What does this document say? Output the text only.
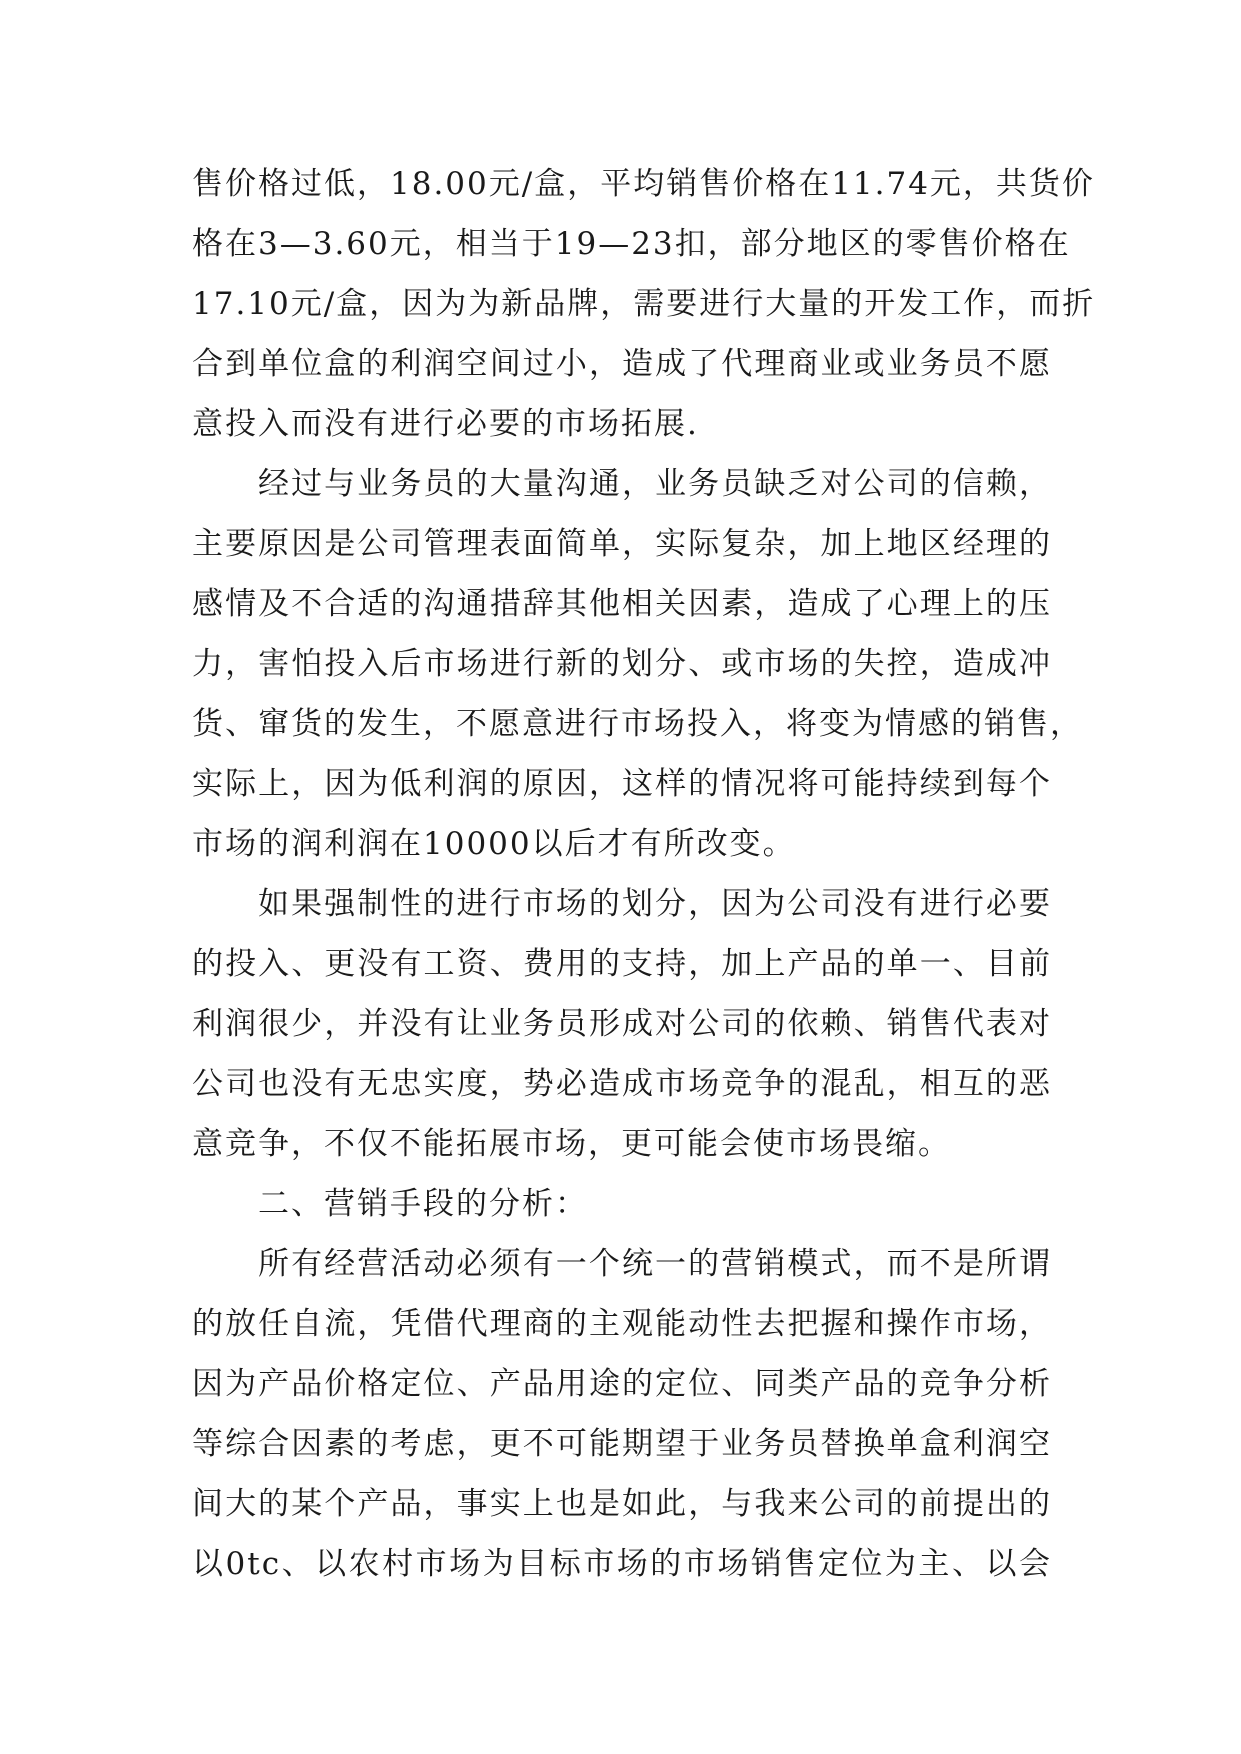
售价格过低，18.00元/盒，平均销售价格在11.74元，共货价
格在3—3.60元，相当于19—23扣，部分地区的零售价格在
17.10元/盒，因为为新品牌，需要进行大量的开发工作，而折
合到单位盒的利润空间过小，造成了代理商业或业务员不愿
意投入而没有进行必要的市场拓展.
经过与业务员的大量沟通，业务员缺乏对公司的信赖，
主要原因是公司管理表面简单，实际复杂，加上地区经理的
感情及不合适的沟通措辞其他相关因素，造成了心理上的压
力，害怕投入后市场进行新的划分、或市场的失控，造成冲
货、窜货的发生，不愿意进行市场投入，将变为情感的销售，
实际上，因为低利润的原因，这样的情况将可能持续到每个
市场的润利润在10000以后才有所改变。
如果强制性的进行市场的划分，因为公司没有进行必要
的投入、更没有工资、费用的支持，加上产品的单一、目前
利润很少，并没有让业务员形成对公司的依赖、销售代表对
公司也没有无忠实度，势必造成市场竞争的混乱，相互的恶
意竞争，不仅不能拓展市场，更可能会使市场畏缩。
二、营销手段的分析：
所有经营活动必须有一个统一的营销模式，而不是所谓
的放任自流，凭借代理商的主观能动性去把握和操作市场，
因为产品价格定位、产品用途的定位、同类产品的竞争分析
等综合因素的考虑，更不可能期望于业务员替换单盒利润空
间大的某个产品，事实上也是如此，与我来公司的前提出的
以0tc、以农村市场为目标市场的市场销售定位为主、以会
